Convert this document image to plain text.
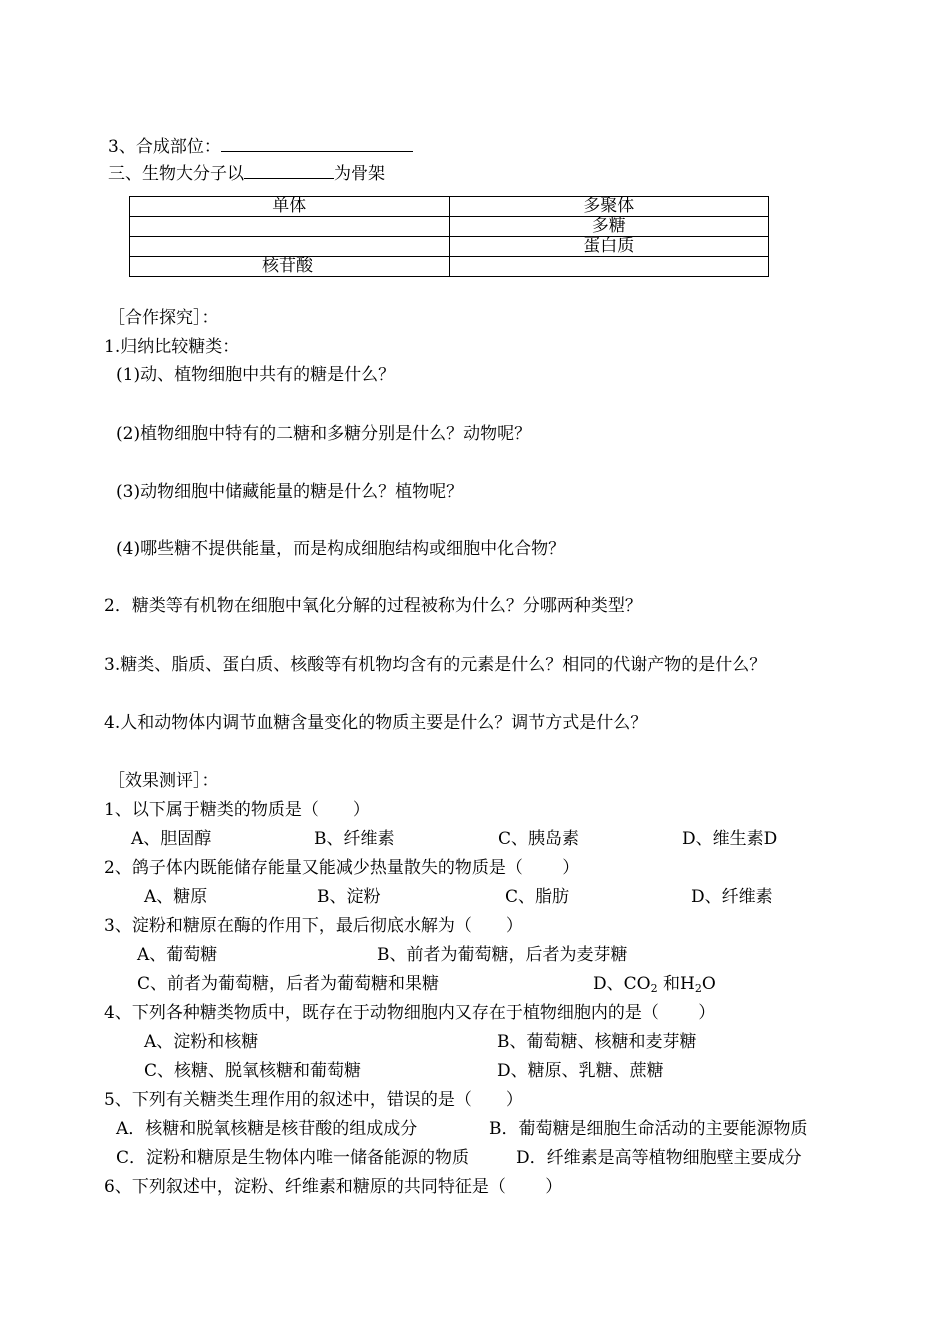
3、合成部位：
三、生物大分子以	为骨架
单体	多聚体
	多糖
	蛋白质
核苷酸	
［合作探究］：
1.归纳比较糖类：
(1)动、植物细胞中共有的糖是什么？
(2)植物细胞中特有的二糖和多糖分别是什么？动物呢？
(3)动物细胞中储藏能量的糖是什么？植物呢？
(4)哪些糖不提供能量，而是构成细胞结构或细胞中化合物？
2．糖类等有机物在细胞中氧化分解的过程被称为什么？分哪两种类型？
3.糖类、脂质、蛋白质、核酸等有机物均含有的元素是什么？相同的代谢产物的是什么？
4.人和动物体内调节血糖含量变化的物质主要是什么？调节方式是什么？
［效果测评］：
1、以下属于糖类的物质是（　　）
A、胆固醇	B、纤维素	C、胰岛素	D、维生素D
2、鸽子体内既能储存能量又能减少热量散失的物质是（　　 ）
A、糖原	B、淀粉	C、脂肪	D、纤维素
3、淀粉和糖原在酶的作用下，最后彻底水解为（　　）
A、葡萄糖	B、前者为葡萄糖，后者为麦芽糖
C、前者为葡萄糖，后者为葡萄糖和果糖	D、$CO_2$ 和$H_2O$
4、下列各种糖类物质中，既存在于动物细胞内又存在于植物细胞内的是（　　 ）
A、淀粉和核糖	B、葡萄糖、核糖和麦芽糖
C、核糖、脱氧核糖和葡萄糖	D、糖原、乳糖、蔗糖
5、下列有关糖类生理作用的叙述中，错误的是（　　）
A．核糖和脱氧核糖是核苷酸的组成成分	B．葡萄糖是细胞生命活动的主要能源物质
C．淀粉和糖原是生物体内唯一储备能源的物质	D．纤维素是高等植物细胞壁主要成分
6、下列叙述中，淀粉、纤维素和糖原的共同特征是（　　 ）
